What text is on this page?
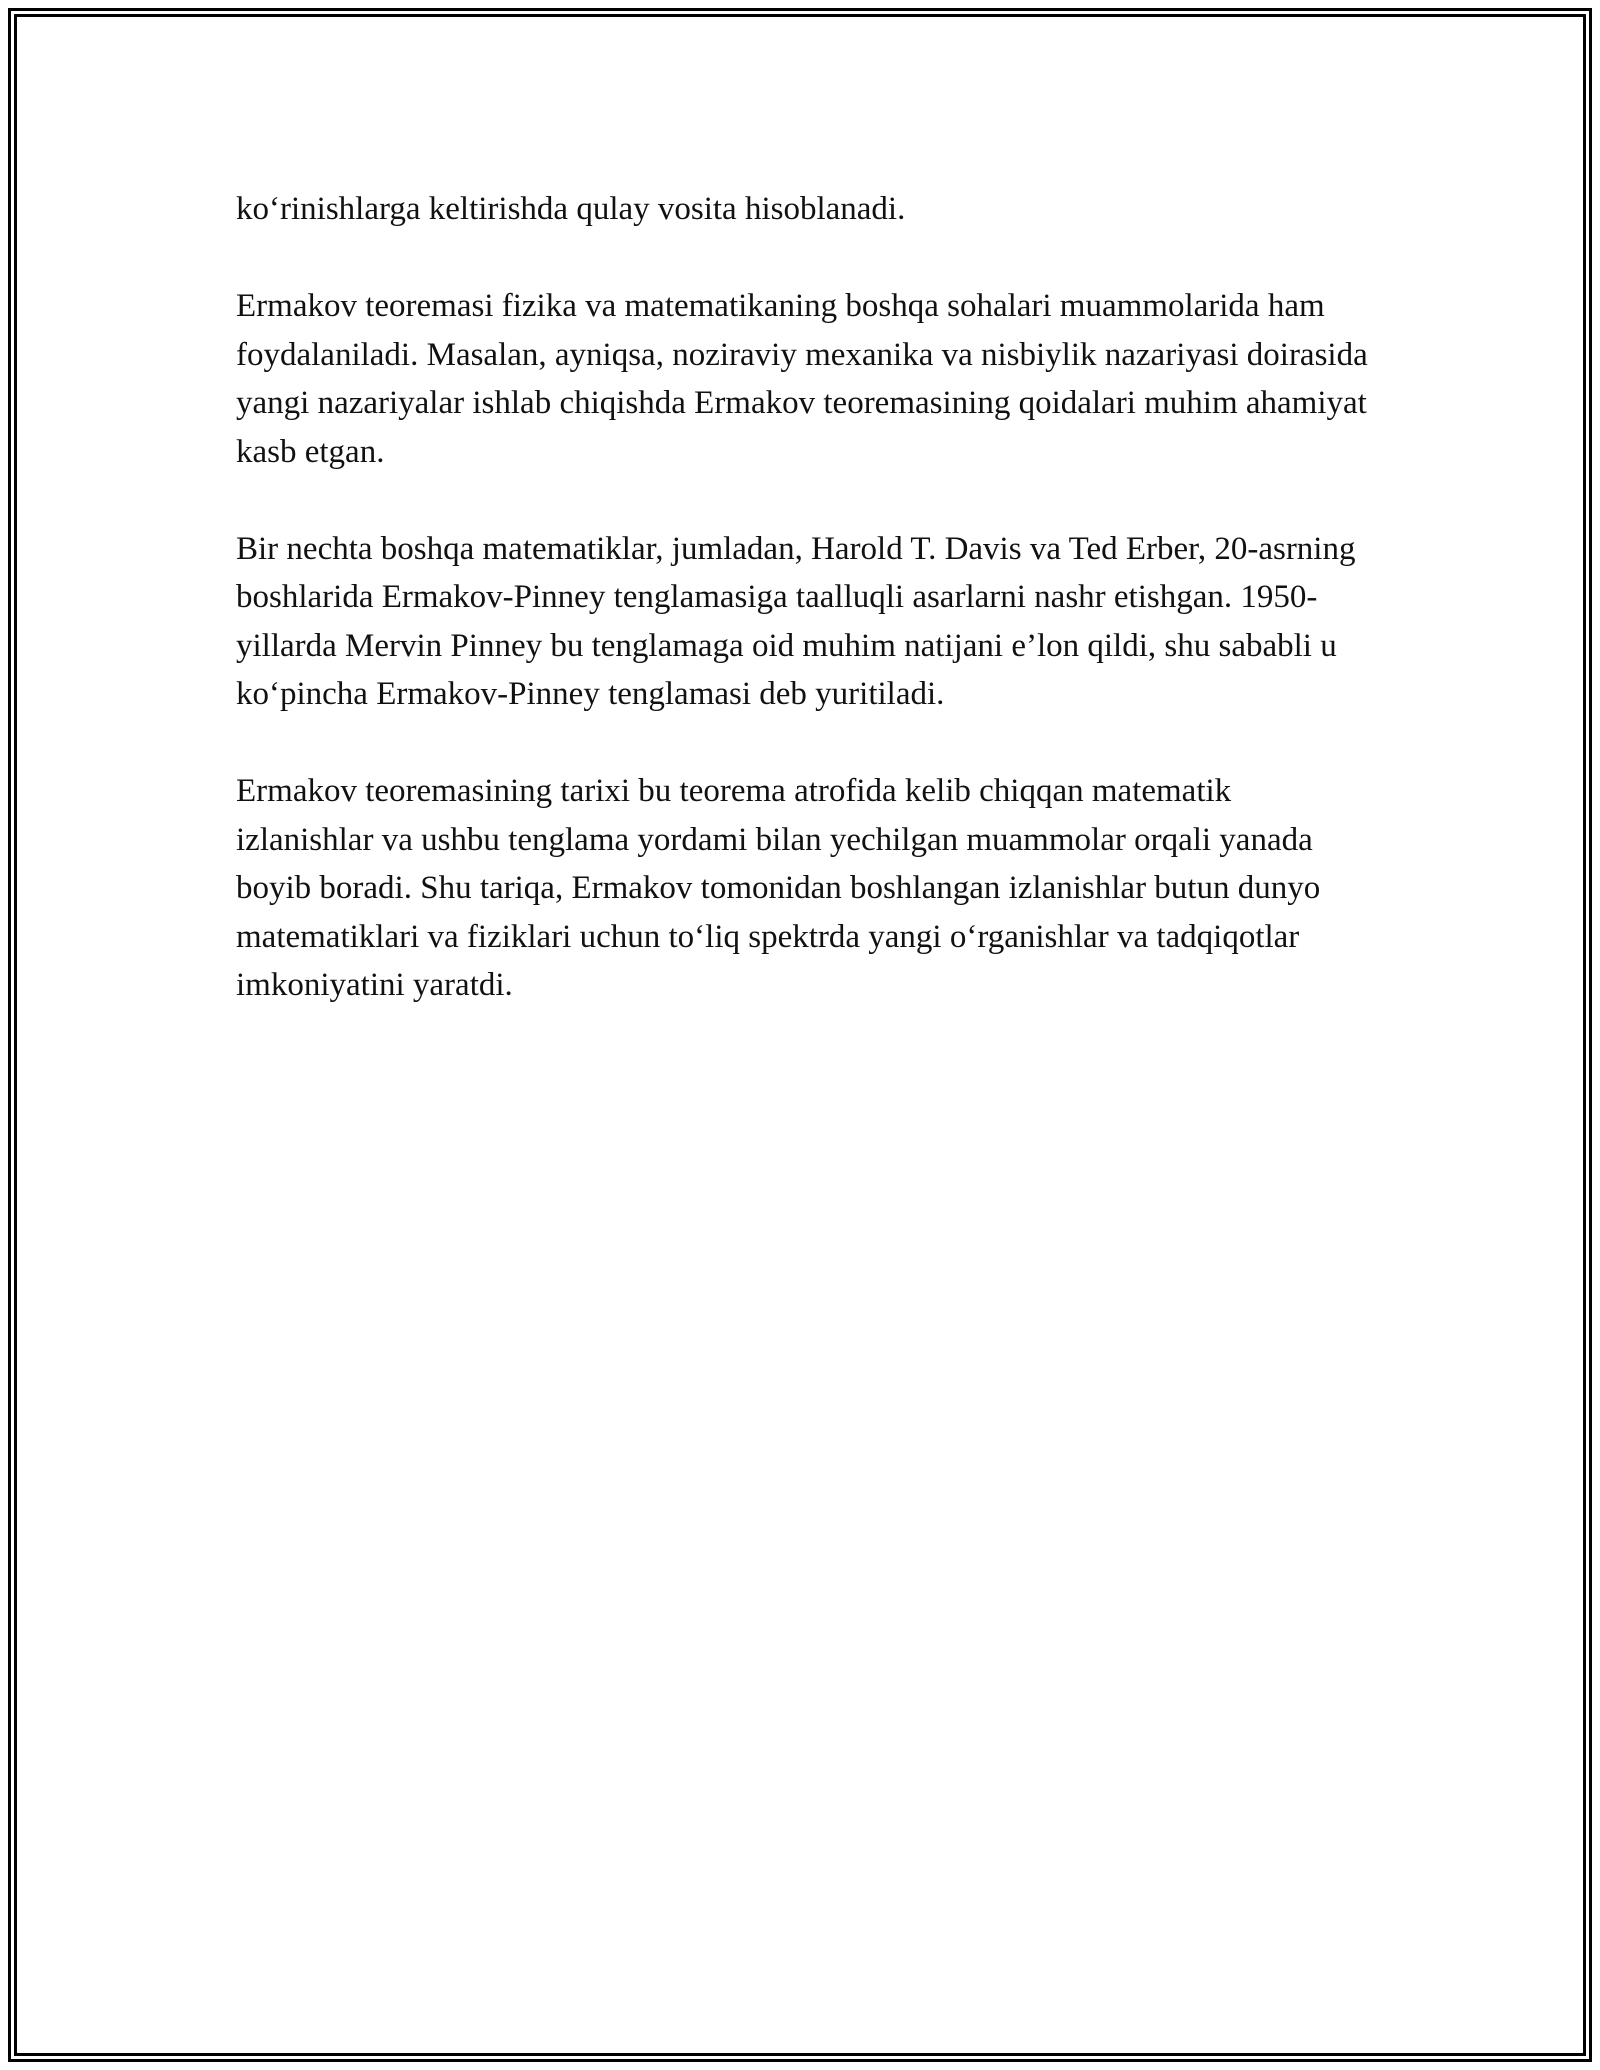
ko‘rinishlarga keltirishda qulay vosita hisoblanadi.

Ermakov teoremasi fizika va matematikaning boshqa sohalari muammolarida ham foydalaniladi. Masalan, ayniqsa, noziraviy mexanika va nisbiylik nazariyasi doirasida yangi nazariyalar ishlab chiqishda Ermakov teoremasining qoidalari muhim ahamiyat kasb etgan.

Bir nechta boshqa matematiklar, jumladan, Harold T. Davis va Ted Erber, 20-asrning boshlarida Ermakov-Pinney tenglamasiga taalluqli asarlarni nashr etishgan. 1950-yillarda Mervin Pinney bu tenglamaga oid muhim natijani e’lon qildi, shu sababli u ko‘pincha Ermakov-Pinney tenglamasi deb yuritiladi.

Ermakov teoremasining tarixi bu teorema atrofida kelib chiqqan matematik izlanishlar va ushbu tenglama yordami bilan yechilgan muammolar orqali yanada boyib boradi. Shu tariqa, Ermakov tomonidan boshlangan izlanishlar butun dunyo matematiklari va fiziklari uchun to‘liq spektrda yangi o‘rganishlar va tadqiqotlar imkoniyatini yaratdi.
